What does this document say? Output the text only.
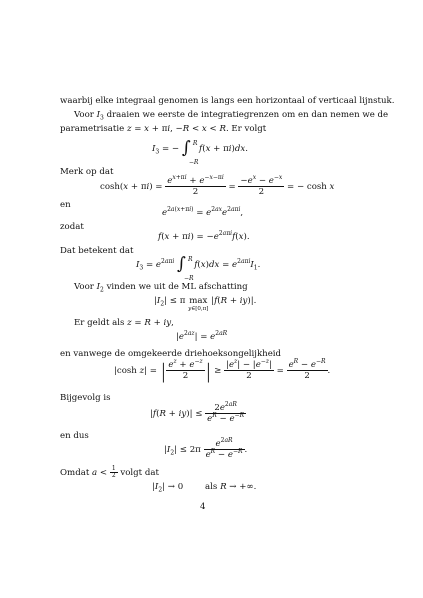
waarbij elke integraal genomen is langs een horizontaal of verticaal lijnstuk.
Voor $I_3$ draaien we eerste de integratiegrenzen om en dan nemen we de
parametrisatie z = x + πi, −R < x < R. Er volgt
$I_3$ = − ∫ R
−R
f(x + πi)dx.
Merk op dat
$\cosh(x + \pi i) = \frac{e^{x+\pi i} + e^{-x-\pi i}}{2} = \frac{-e^x - e^{-x}}{2}$ = − cosh x
en
$e^{2a(x+\pi i)} = e^{2ax}e^{2a\pi i}$,
zodat
$f(x + \pi i) = -e^{2a\pi i}f(x)$.
Dat betekent dat
$I_3 = e^{2a\pi i}$ ∫ R
−R
$f(x)dx = e^{2a\pi i}I_1$.
Voor $I_2$ vinden we uit de ML afschatting
$|I_2| \le \pi$ max
y∈[0,π]
|f(R + iy)|.
Er geldt als z = R + iy,
$|e^{2az}| = e^{2aR}$
en vanwege de omgekeerde driehoeksongelijkheid
|cosh z| = | $\frac{e^z + e^{-z}}{2}$ | ≥ $\frac{|e^z| - |e^{-z}|}{2} = \frac{e^R - e^{-R}}{2}$ .
Bijgevolg is
$|f(R + iy)| \le \frac{2e^{2aR}}{e^R - e^{-R}}$
en dus
$|I_2| \le 2\pi \frac{e^{2aR}}{e^R - e^{-R}}$ .
Omdat $a < \frac{1}{2}$ volgt dat
$|I_2| \to 0$        als R → +∞.
4
